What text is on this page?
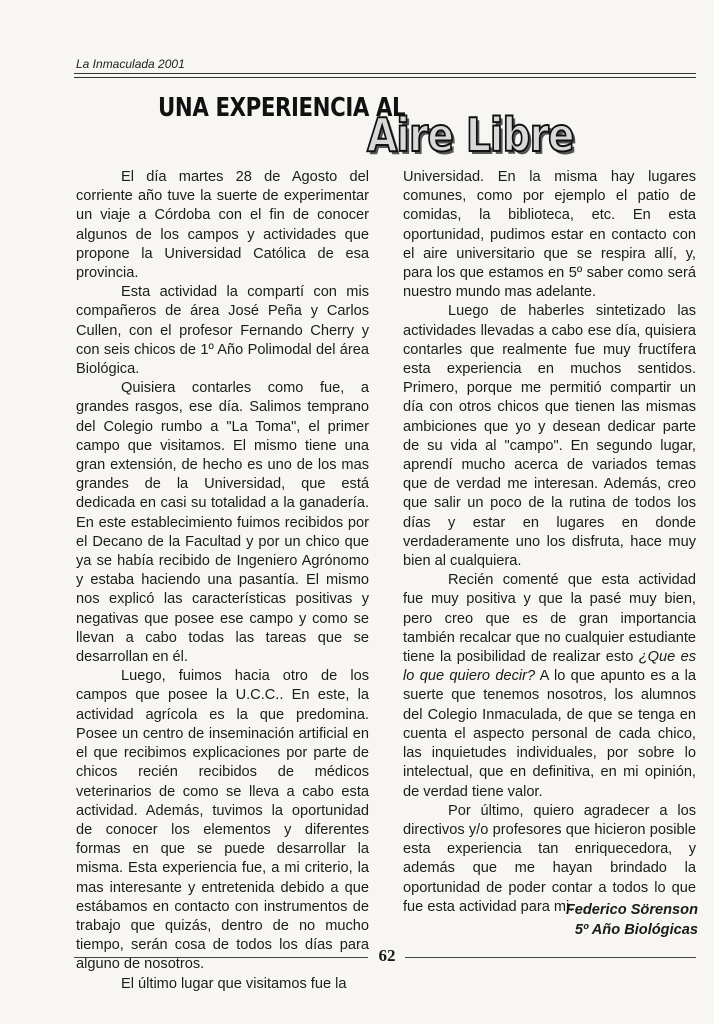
La Inmaculada 2001
UNA EXPERIENCIA AL
Aire Libre

El día martes 28 de Agosto del corriente año tuve la suerte de experimentar un viaje a Córdoba con el fin de conocer algunos de los campos y actividades que propone la Universidad Católica de esa provincia.

Esta actividad la compartí con mis compañeros de área José Peña y Carlos Cullen, con el profesor Fernando Cherry y con seis chicos de 1º Año Polimodal del área Biológica.

Quisiera contarles como fue, a grandes rasgos, ese día. Salimos temprano del Colegio rumbo a "La Toma", el primer campo que visitamos. El mismo tiene una gran extensión, de hecho es uno de los mas grandes de la Universidad, que está dedicada en casi su totalidad a la ganadería. En este establecimiento fuimos recibidos por el Decano de la Facultad y por un chico que ya se había recibido de Ingeniero Agrónomo y estaba haciendo una pasantía. El mismo nos explicó las características positivas y negativas que posee ese campo y como se llevan a cabo todas las tareas que se desarrollan en él.

Luego, fuimos hacia otro de los campos que posee la U.C.C.. En este, la actividad agrícola es la que predomina. Posee un centro de inseminación artificial en el que recibimos explicaciones por parte de chicos recién recibidos de médicos veterinarios de como se lleva a cabo esta actividad. Además, tuvimos la oportunidad de conocer los elementos y diferentes formas en que se puede desarrollar la misma. Esta experiencia fue, a mi criterio, la mas interesante y entretenida debido a que estábamos en contacto con instrumentos de trabajo que quizás, dentro de no mucho tiempo, serán cosa de todos los días para alguno de nosotros.

El último lugar que visitamos fue la

Universidad. En la misma hay lugares comunes, como por ejemplo el patio de comidas, la biblioteca, etc. En esta oportunidad, pudimos estar en contacto con el aire universitario que se respira allí, y, para los que estamos en 5º saber como será nuestro mundo mas adelante.

Luego de haberles sintetizado las actividades llevadas a cabo ese día, quisiera contarles que realmente fue muy fructífera esta experiencia en muchos sentidos. Primero, porque me permitió compartir un día con otros chicos que tienen las mismas ambiciones que yo y desean dedicar parte de su vida al "campo". En segundo lugar, aprendí mucho acerca de variados temas que de verdad me interesan. Además, creo que salir un poco de la rutina de todos los días y estar en lugares en donde verdaderamente uno los disfruta, hace muy bien al cualquiera.

Recién comenté que esta actividad fue muy positiva y que la pasé muy bien, pero creo que es de gran importancia también recalcar que no cualquier estudiante tiene la posibilidad de realizar esto ¿Que es lo que quiero decir? A lo que apunto es a la suerte que tenemos nosotros, los alumnos del Colegio Inmaculada, de que se tenga en cuenta el aspecto personal de cada chico, las inquietudes individuales, por sobre lo intelectual, que en definitiva, en mi opinión, de verdad tiene valor.

Por último, quiero agradecer a los directivos y/o profesores que hicieron posible esta experiencia tan enriquecedora, y además que me hayan brindado la oportunidad de poder contar a todos lo que fue esta actividad para mi.

Federico Sörenson
5º Año Biológicas
62
